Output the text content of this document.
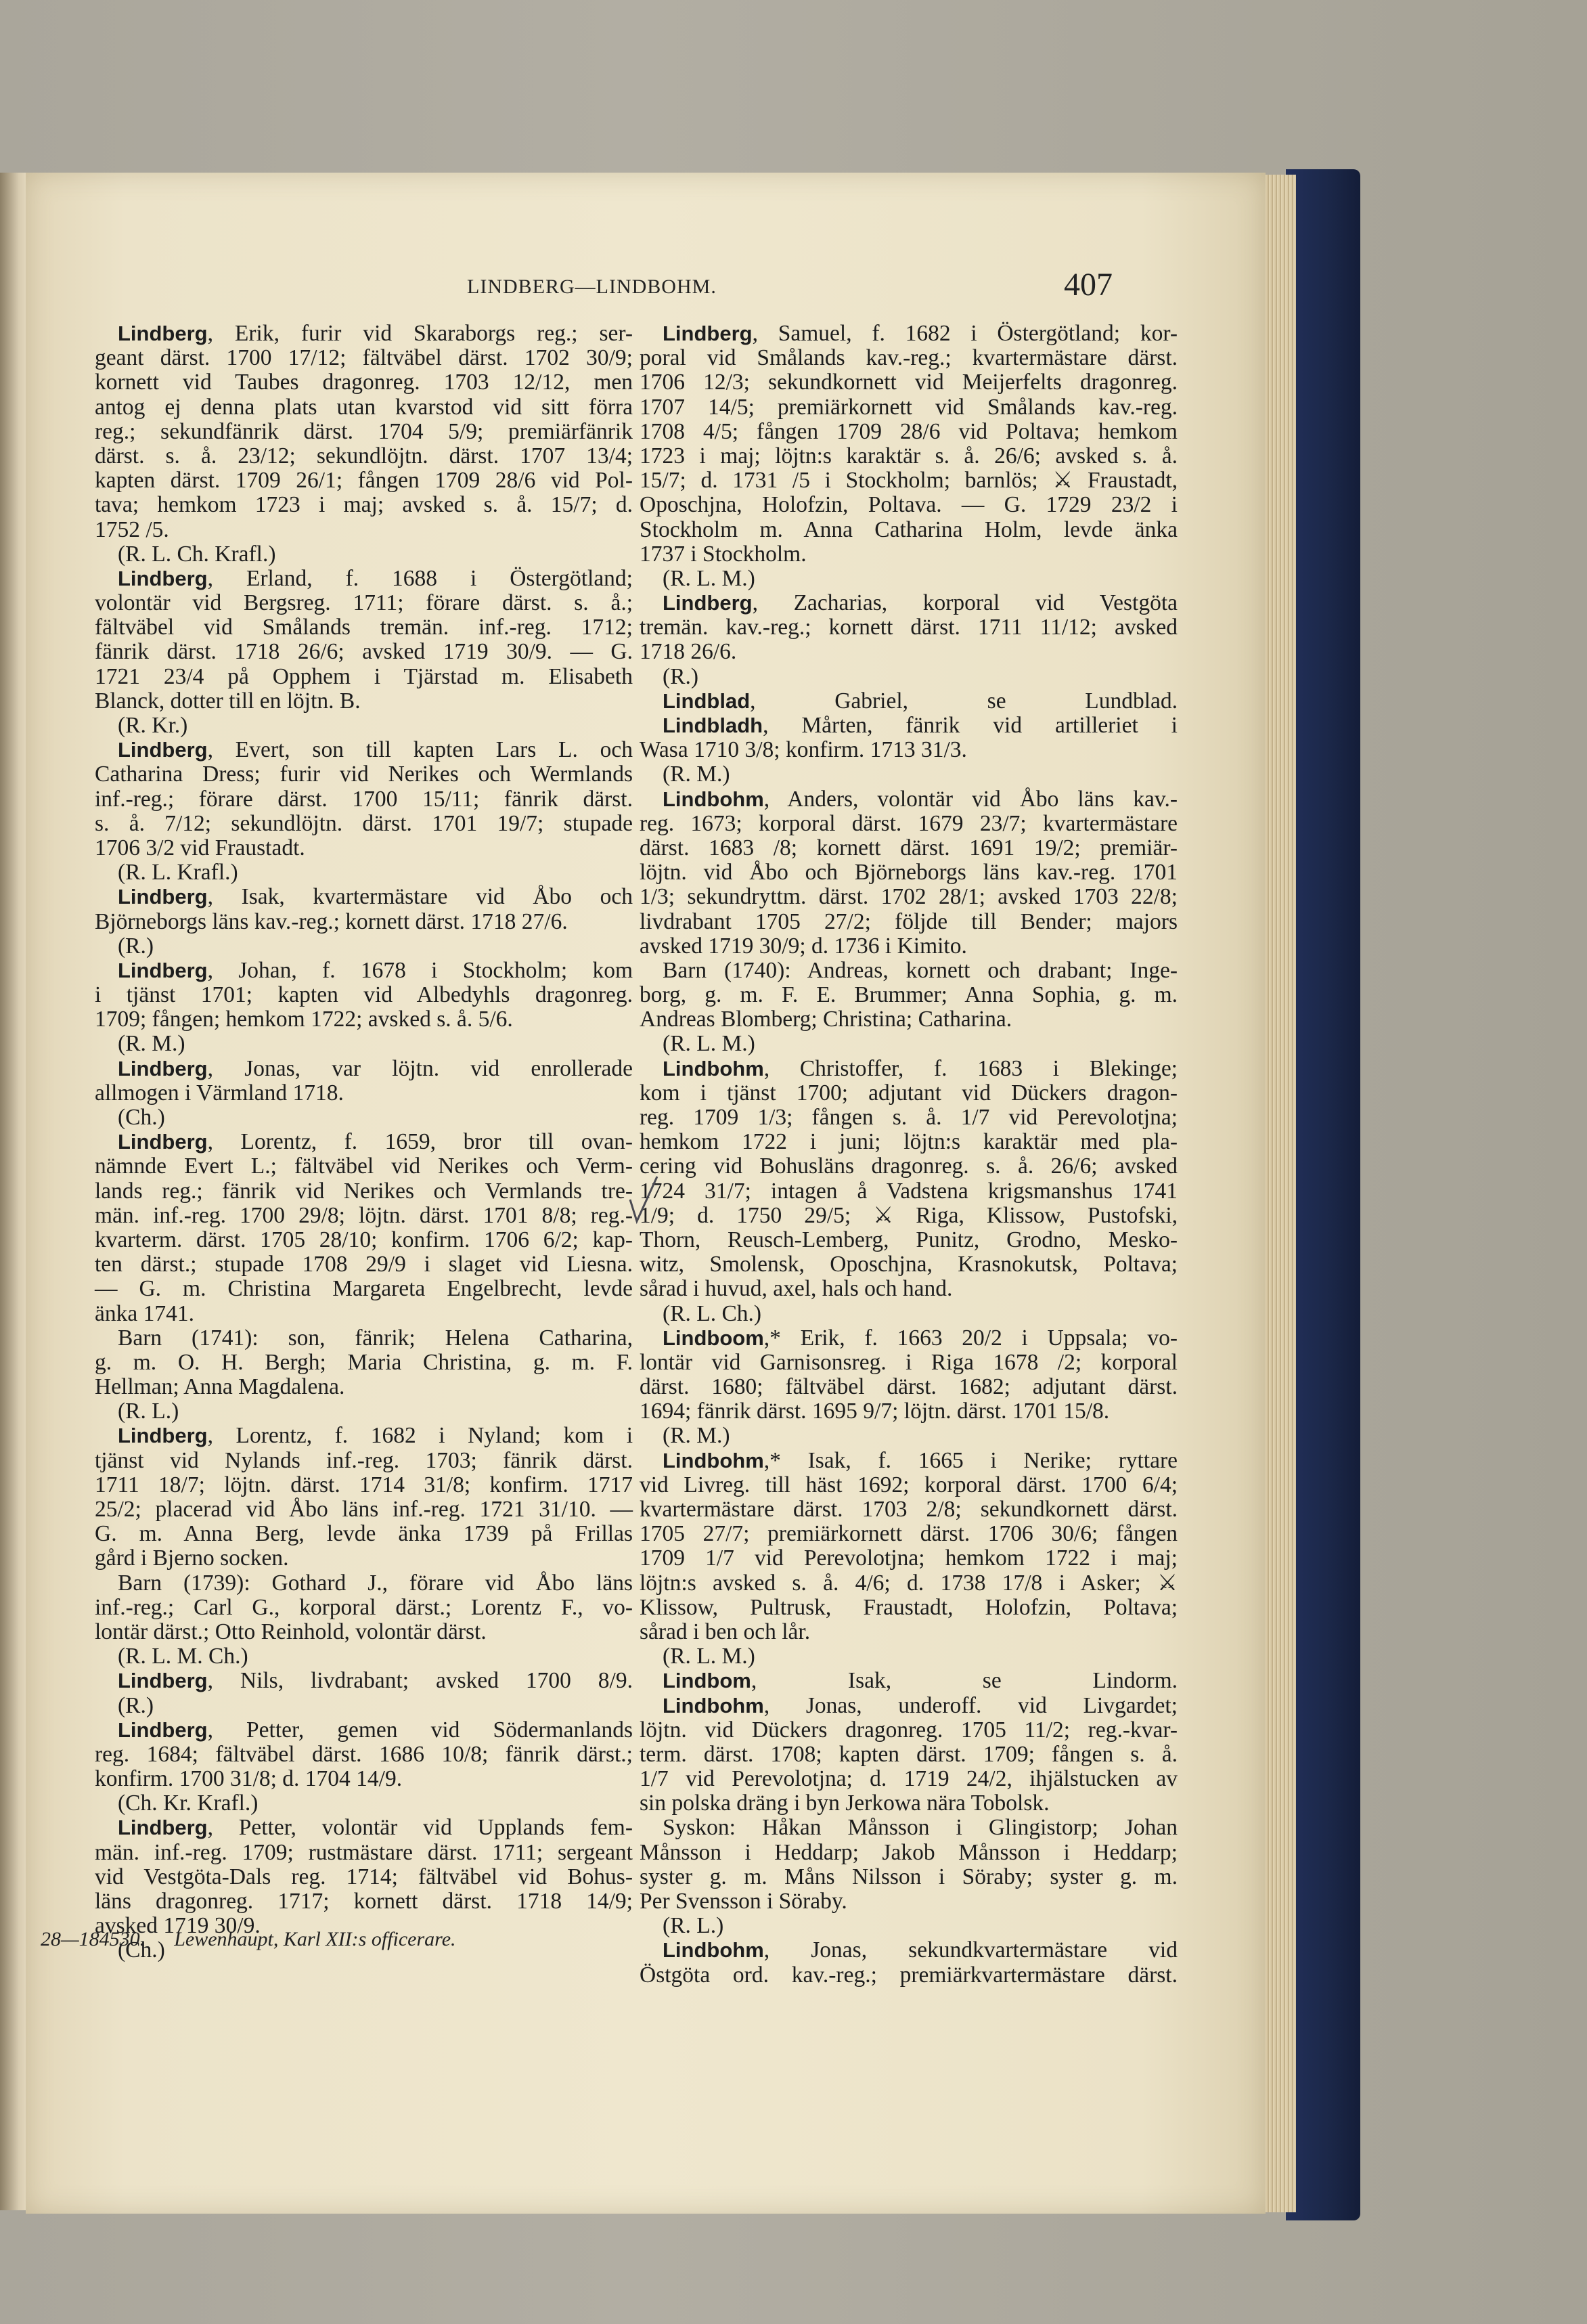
LINDBERG—LINDBOHM.	407
Lindberg, Erik, furir vid Skaraborgs reg.; ser-
geant därst. 1700 17/12; fältväbel därst. 1702 30/9;
kornett vid Taubes dragonreg. 1703 12/12, men
antog ej denna plats utan kvarstod vid sitt förra
reg.; sekundfänrik därst. 1704 5/9; premiärfänrik
därst. s. å. 23/12; sekundlöjtn. därst. 1707 13/4;
kapten därst. 1709 26/1; fången 1709 28/6 vid Pol-
tava; hemkom 1723 i maj; avsked s. å. 15/7; d.
1752 /5.
(R. L. Ch. Krafl.)
Lindberg, Erland, f. 1688 i Östergötland;
volontär vid Bergsreg. 1711; förare därst. s. å.;
fältväbel vid Smålands tremän. inf.-reg. 1712;
fänrik därst. 1718 26/6; avsked 1719 30/9. — G.
1721 23/4 på Opphem i Tjärstad m. Elisabeth
Blanck, dotter till en löjtn. B.
(R. Kr.)
Lindberg, Evert, son till kapten Lars L. och
Catharina Dress; furir vid Nerikes och Wermlands
inf.-reg.; förare därst. 1700 15/11; fänrik därst.
s. å. 7/12; sekundlöjtn. därst. 1701 19/7; stupade
1706 3/2 vid Fraustadt.
(R. L. Krafl.)
Lindberg, Isak, kvartermästare vid Åbo och
Björneborgs läns kav.-reg.; kornett därst. 1718 27/6.
(R.)
Lindberg, Johan, f. 1678 i Stockholm; kom
i tjänst 1701; kapten vid Albedyhls dragonreg.
1709; fången; hemkom 1722; avsked s. å. 5/6.
(R. M.)
Lindberg, Jonas, var löjtn. vid enrollerade
allmogen i Värmland 1718.
(Ch.)
Lindberg, Lorentz, f. 1659, bror till ovan-
nämnde Evert L.; fältväbel vid Nerikes och Verm-
lands reg.; fänrik vid Nerikes och Vermlands tre-
män. inf.-reg. 1700 29/8; löjtn. därst. 1701 8/8; reg.-
kvarterm. därst. 1705 28/10; konfirm. 1706 6/2; kap-
ten därst.; stupade 1708 29/9 i slaget vid Liesna.
— G. m. Christina Margareta Engelbrecht, levde
änka 1741.
Barn (1741): son, fänrik; Helena Catharina,
g. m. O. H. Bergh; Maria Christina, g. m. F.
Hellman; Anna Magdalena.
(R. L.)
Lindberg, Lorentz, f. 1682 i Nyland; kom i
tjänst vid Nylands inf.-reg. 1703; fänrik därst.
1711 18/7; löjtn. därst. 1714 31/8; konfirm. 1717
25/2; placerad vid Åbo läns inf.-reg. 1721 31/10. —
G. m. Anna Berg, levde änka 1739 på Frillas
gård i Bjerno socken.
Barn (1739): Gothard J., förare vid Åbo läns
inf.-reg.; Carl G., korporal därst.; Lorentz F., vo-
lontär därst.; Otto Reinhold, volontär därst.
(R. L. M. Ch.)
Lindberg, Nils, livdrabant; avsked 1700 8/9.
(R.)
Lindberg, Petter, gemen vid Södermanlands
reg. 1684; fältväbel därst. 1686 10/8; fänrik därst.;
konfirm. 1700 31/8; d. 1704 14/9.
(Ch. Kr. Krafl.)
Lindberg, Petter, volontär vid Upplands fem-
män. inf.-reg. 1709; rustmästare därst. 1711; sergeant
vid Vestgöta-Dals reg. 1714; fältväbel vid Bohus-
läns dragonreg. 1717; kornett därst. 1718 14/9;
avsked 1719 30/9.
(Ch.)
Lindberg, Samuel, f. 1682 i Östergötland; kor-
poral vid Smålands kav.-reg.; kvartermästare därst.
1706 12/3; sekundkornett vid Meijerfelts dragonreg.
1707 14/5; premiärkornett vid Smålands kav.-reg.
1708 4/5; fången 1709 28/6 vid Poltava; hemkom
1723 i maj; löjtn:s karaktär s. å. 26/6; avsked s. å.
15/7; d. 1731 /5 i Stockholm; barnlös; ⚔ Fraustadt,
Oposchjna, Holofzin, Poltava. — G. 1729 23/2 i
Stockholm m. Anna Catharina Holm, levde änka
1737 i Stockholm.
(R. L. M.)
Lindberg, Zacharias, korporal vid Vestgöta
tremän. kav.-reg.; kornett därst. 1711 11/12; avsked
1718 26/6.
(R.)
Lindblad, Gabriel, se Lundblad.
Lindbladh, Mårten, fänrik vid artilleriet i
Wasa 1710 3/8; konfirm. 1713 31/3.
(R. M.)
Lindbohm, Anders, volontär vid Åbo läns kav.-
reg. 1673; korporal därst. 1679 23/7; kvartermästare
därst. 1683 /8; kornett därst. 1691 19/2; premiär-
löjtn. vid Åbo och Björneborgs läns kav.-reg. 1701
1/3; sekundryttm. därst. 1702 28/1; avsked 1703 22/8;
livdrabant 1705 27/2; följde till Bender; majors
avsked 1719 30/9; d. 1736 i Kimito.
Barn (1740): Andreas, kornett och drabant; Inge-
borg, g. m. F. E. Brummer; Anna Sophia, g. m.
Andreas Blomberg; Christina; Catharina.
(R. L. M.)
Lindbohm, Christoffer, f. 1683 i Blekinge;
kom i tjänst 1700; adjutant vid Dückers dragon-
reg. 1709 1/3; fången s. å. 1/7 vid Perevolotjna;
hemkom 1722 i juni; löjtn:s karaktär med pla-
cering vid Bohusläns dragonreg. s. å. 26/6; avsked
1724 31/7; intagen å Vadstena krigsmanshus 1741
1/9; d. 1750 29/5; ⚔ Riga, Klissow, Pustofski,
Thorn, Reusch-Lemberg, Punitz, Grodno, Mesko-
witz, Smolensk, Oposchjna, Krasnokutsk, Poltava;
sårad i huvud, axel, hals och hand.
(R. L. Ch.)
Lindboom,* Erik, f. 1663 20/2 i Uppsala; vo-
lontär vid Garnisonsreg. i Riga 1678 /2; korporal
därst. 1680; fältväbel därst. 1682; adjutant därst.
1694; fänrik därst. 1695 9/7; löjtn. därst. 1701 15/8.
(R. M.)
Lindbohm,* Isak, f. 1665 i Nerike; ryttare
vid Livreg. till häst 1692; korporal därst. 1700 6/4;
kvartermästare därst. 1703 2/8; sekundkornett därst.
1705 27/7; premiärkornett därst. 1706 30/6; fången
1709 1/7 vid Perevolotjna; hemkom 1722 i maj;
löjtn:s avsked s. å. 4/6; d. 1738 17/8 i Asker; ⚔
Klissow, Pultrusk, Fraustadt, Holofzin, Poltava;
sårad i ben och lår.
(R. L. M.)
Lindbom, Isak, se Lindorm.
Lindbohm, Jonas, underoff. vid Livgardet;
löjtn. vid Dückers dragonreg. 1705 11/2; reg.-kvar-
term. därst. 1708; kapten därst. 1709; fången s. å.
1/7 vid Perevolotjna; d. 1719 24/2, ihjälstucken av
sin polska dräng i byn Jerkowa nära Tobolsk.
Syskon: Håkan Månsson i Glingistorp; Johan
Månsson i Heddarp; Jakob Månsson i Heddarp;
syster g. m. Måns Nilsson i Söraby; syster g. m.
Per Svensson i Söraby.
(R. L.)
Lindbohm, Jonas, sekundkvartermästare vid
Östgöta ord. kav.-reg.; premiärkvartermästare därst.
28—184530. Lewenhaupt, Karl XII:s officerare.
